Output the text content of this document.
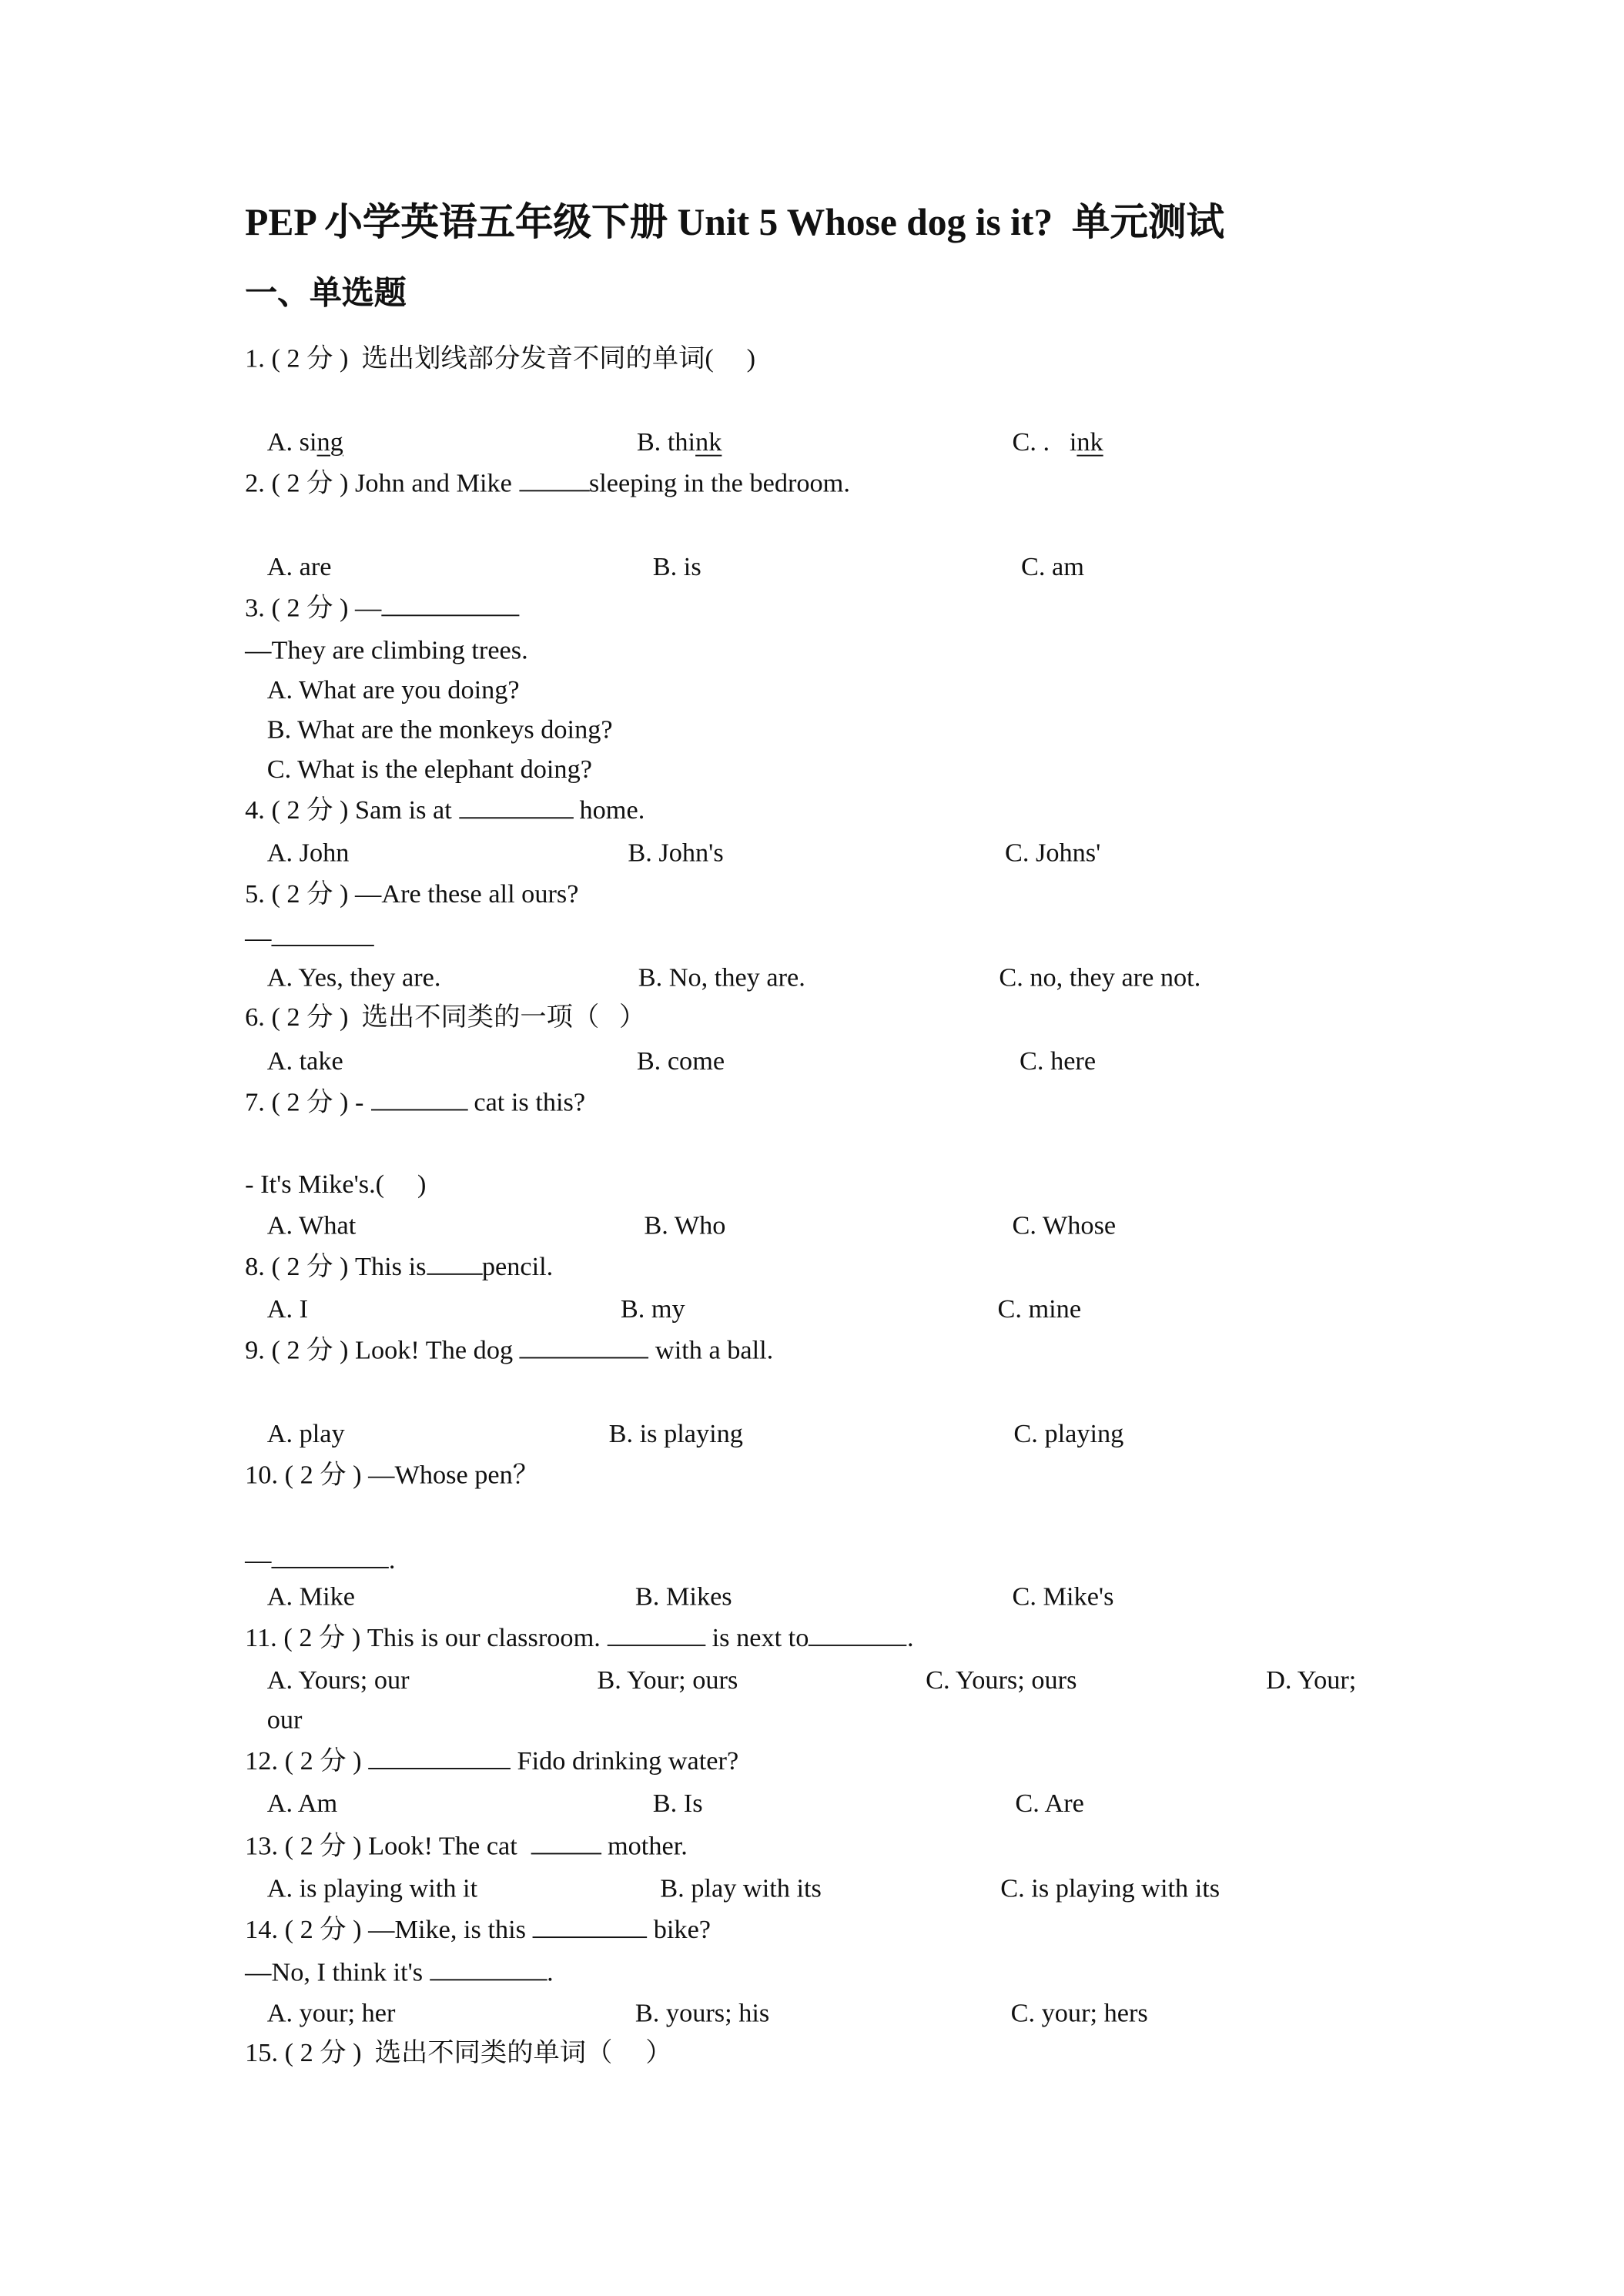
PEP 小学英语五年级下册 Unit 5 Whose dog is it?  单元测试
一、单选题
1. ( 2 分 ) 选出划线部分发音不同的单词(     )
A. sing	B. think	C. .   ink
2. ( 2 分 ) John and Mike	sleeping in the bedroom.
A. are	B. is	C. am
3. ( 2 分 ) —
—They are climbing trees.
A. What are you doing?
B. What are the monkeys doing?
C. What is the elephant doing?
4. ( 2 分 ) Sam is at	home.
A. John	B. John's	C. Johns'
5. ( 2 分 ) —Are these all ours?
—
A. Yes, they are.	B. No, they are.	C. no, they are not.
6. ( 2 分 ) 选出不同类的一项（   ）
A. take	B. come	C. here
7. ( 2 分 ) -	cat is this?
- It's Mike's.(     )
A. What	B. Who	C. Whose
8. ( 2 分 ) This is	pencil.
A. I	B. my	C. mine
9. ( 2 分 ) Look! The dog	with a ball.
A. play	B. is playing	C. playing
10. ( 2 分 ) —Whose pen？
—	.
A. Mike	B. Mikes	C. Mike's
11. ( 2 分 ) This is our classroom.	is next to	.
A. Yours; our	B. Your; ours	C. Yours; ours	D. Your;
our
12. ( 2 分 )	Fido drinking water?
A. Am	B. Is	C. Are
13. ( 2 分 ) Look! The cat	mother.
A. is playing with it	B. play with its	C. is playing with its
14. ( 2 分 ) —Mike, is this	bike?
—No, I think it's	.
A. your; her	B. yours; his	C. your; hers
15. ( 2 分 ) 选出不同类的单词（     ）
